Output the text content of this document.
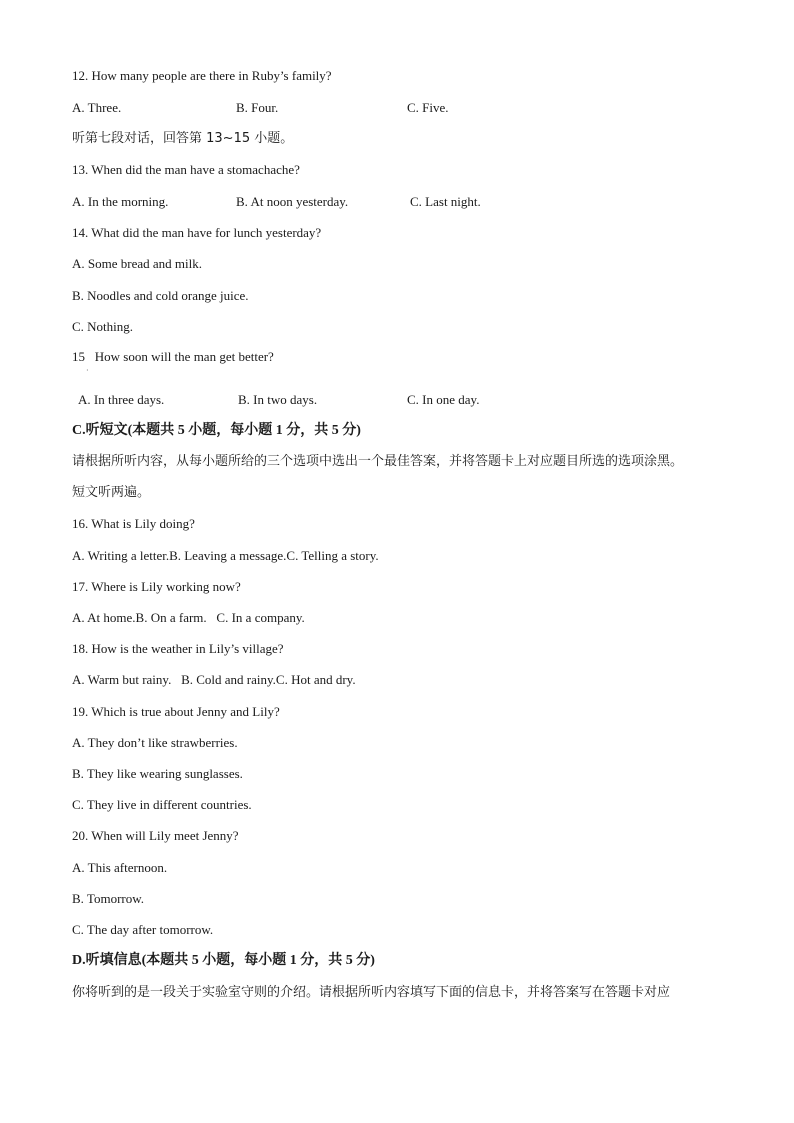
12. How many people are there in Ruby’s family?
A. Three.	B. Four.	C. Five.
听第七段对话，回答第 13~15 小题。
13. When did the man have a stomachache?
A. In the morning.	B. At noon yesterday.	C. Last night.
14. What did the man have for lunch yesterday?
A. Some bread and milk.
B. Noodles and cold orange juice.
C. Nothing.
15   How soon will the man get better?
·
A. In three days.	B. In two days.	C. In one day.
C.听短文(本题共 5 小题，每小题 1 分，共 5 分)
请根据所听内容，从每小题所给的三个选项中选出一个最佳答案，并将答题卡上对应题目所选的选项涂黑。
短文听两遍。
16. What is Lily doing?
A. Writing a letter.B. Leaving a message.C. Telling a story.
17. Where is Lily working now?
A. At home.B. On a farm.   C. In a company.
18. How is the weather in Lily’s village?
A. Warm but rainy.   B. Cold and rainy.C. Hot and dry.
19. Which is true about Jenny and Lily?
A. They don’t like strawberries.
B. They like wearing sunglasses.
C. They live in different countries.
20. When will Lily meet Jenny?
A. This afternoon.
B. Tomorrow.
C. The day after tomorrow.
D.听填信息(本题共 5 小题，每小题 1 分，共 5 分)
你将听到的是一段关于实验室守则的介绍。请根据所听内容填写下面的信息卡，并将答案写在答题卡对应
